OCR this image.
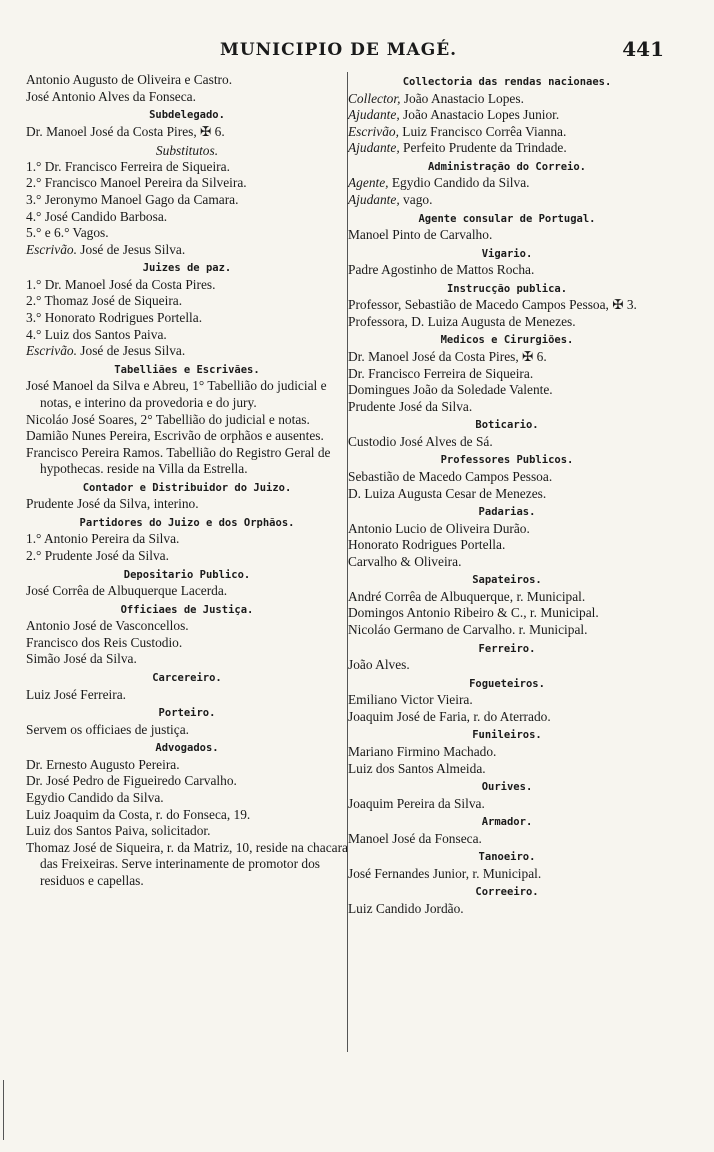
MUNICIPIO DE MAGÉ.	441
Antonio Augusto de Oliveira e Castro.
José Antonio Alves da Fonseca.
Subdelegado.
Dr. Manoel José da Costa Pires, ✠ 6.
Substitutos.
1.° Dr. Francisco Ferreira de Siqueira.
2.° Francisco Manoel Pereira da Silveira.
3.° Jeronymo Manoel Gago da Camara.
4.° José Candido Barbosa.
5.° e 6.° Vagos.
Escrivão. José de Jesus Silva.
Juizes de paz.
1.° Dr. Manoel José da Costa Pires.
2.° Thomaz José de Siqueira.
3.° Honorato Rodrigues Portella.
4.° Luiz dos Santos Paiva.
Escrivão. José de Jesus Silva.
Tabelliães e Escrivães.
José Manoel da Silva e Abreu, 1° Tabellião do judicial e notas, e interino da provedoria e do jury.
Nicoláo José Soares, 2° Tabellião do judicial e notas.
Damião Nunes Pereira, Escrivão de orphãos e ausentes.
Francisco Pereira Ramos. Tabellião do Registro Geral de hypothecas. reside na Villa da Estrella.
Contador e Distribuidor do Juizo.
Prudente José da Silva, interino.
Partidores do Juizo e dos Orphãos.
1.° Antonio Pereira da Silva.
2.° Prudente José da Silva.
Depositario Publico.
José Corrêa de Albuquerque Lacerda.
Officiaes de Justiça.
Antonio José de Vasconcellos.
Francisco dos Reis Custodio.
Simão José da Silva.
Carcereiro.
Luiz José Ferreira.
Porteiro.
Servem os officiaes de justiça.
Advogados.
Dr. Ernesto Augusto Pereira.
Dr. José Pedro de Figueiredo Carvalho.
Egydio Candido da Silva.
Luiz Joaquim da Costa, r. do Fonseca, 19.
Luiz dos Santos Paiva, solicitador.
Thomaz José de Siqueira, r. da Matriz, 10, reside na chacara das Freixeiras. Serve interinamente de promotor dos residuos e capellas.
Collectoria das rendas nacionaes.
Collector, João Anastacio Lopes.
Ajudante, João Anastacio Lopes Junior.
Escrivão, Luiz Francisco Corrêa Vianna.
Ajudante, Perfeito Prudente da Trindade.
Administração do Correio.
Agente, Egydio Candido da Silva.
Ajudante, vago.
Agente consular de Portugal.
Manoel Pinto de Carvalho.
Vigario.
Padre Agostinho de Mattos Rocha.
Instrucção publica.
Professor, Sebastião de Macedo Campos Pessoa, ✠ 3.
Professora, D. Luiza Augusta de Menezes.
Medicos e Cirurgiões.
Dr. Manoel José da Costa Pires, ✠ 6.
Dr. Francisco Ferreira de Siqueira.
Domingues João da Soledade Valente.
Prudente José da Silva.
Boticario.
Custodio José Alves de Sá.
Professores Publicos.
Sebastião de Macedo Campos Pessoa.
D. Luiza Augusta Cesar de Menezes.
Padarias.
Antonio Lucio de Oliveira Durão.
Honorato Rodrigues Portella.
Carvalho & Oliveira.
Sapateiros.
André Corrêa de Albuquerque, r. Municipal.
Domingos Antonio Ribeiro & C., r. Municipal.
Nicoláo Germano de Carvalho. r. Municipal.
Ferreiro.
João Alves.
Fogueteiros.
Emiliano Victor Vieira.
Joaquim José de Faria, r. do Aterrado.
Funileiros.
Mariano Firmino Machado.
Luiz dos Santos Almeida.
Ourives.
Joaquim Pereira da Silva.
Armador.
Manoel José da Fonseca.
Tanoeiro.
José Fernandes Junior, r. Municipal.
Correeiro.
Luiz Candido Jordão.
